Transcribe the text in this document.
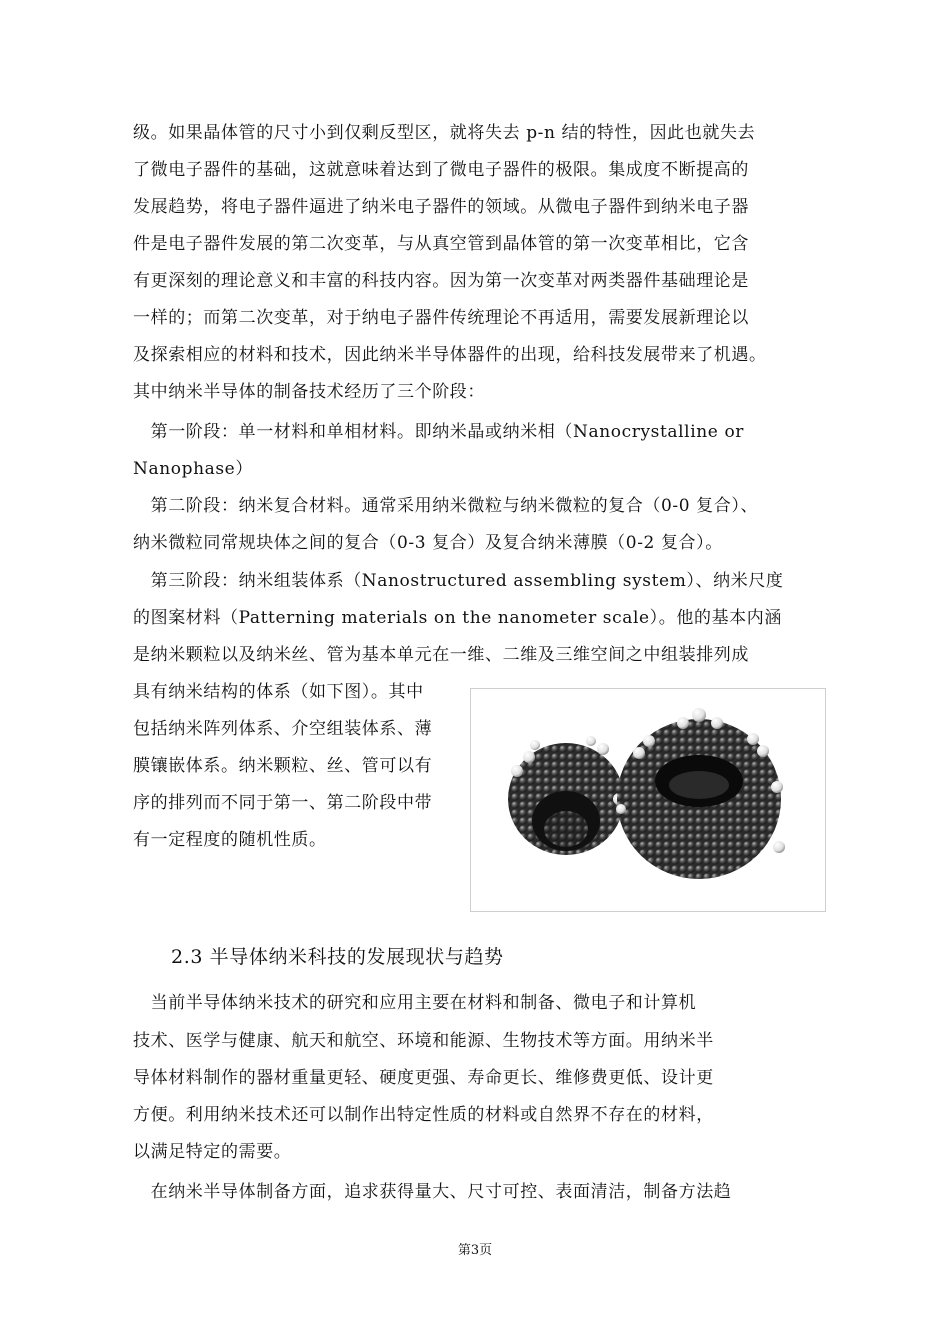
级。如果晶体管的尺寸小到仅剩反型区，就将失去 p-n 结的特性，因此也就失去
了微电子器件的基础，这就意味着达到了微电子器件的极限。集成度不断提高的
发展趋势，将电子器件逼进了纳米电子器件的领域。从微电子器件到纳米电子器
件是电子器件发展的第二次变革，与从真空管到晶体管的第一次变革相比，它含
有更深刻的理论意义和丰富的科技内容。因为第一次变革对两类器件基础理论是
一样的；而第二次变革，对于纳电子器件传统理论不再适用，需要发展新理论以
及探索相应的材料和技术，因此纳米半导体器件的出现，给科技发展带来了机遇。
其中纳米半导体的制备技术经历了三个阶段：
　第一阶段：单一材料和单相材料。即纳米晶或纳米相（Nanocrystalline or
Nanophase）
　第二阶段：纳米复合材料。通常采用纳米微粒与纳米微粒的复合（0-0 复合）、
纳米微粒同常规块体之间的复合（0-3 复合）及复合纳米薄膜（0-2 复合）。
　第三阶段：纳米组装体系（Nanostructured assembling system）、纳米尺度
的图案材料（Patterning materials on the nanometer scale）。他的基本内涵
是纳米颗粒以及纳米丝、管为基本单元在一维、二维及三维空间之中组装排列成
具有纳米结构的体系（如下图）。其中
包括纳米阵列体系、介空组装体系、薄
膜镶嵌体系。纳米颗粒、丝、管可以有
序的排列而不同于第一、第二阶段中带
有一定程度的随机性质。
2.3 半导体纳米科技的发展现状与趋势
　当前半导体纳米技术的研究和应用主要在材料和制备、微电子和计算机
技术、医学与健康、航天和航空、环境和能源、生物技术等方面。用纳米半
导体材料制作的器材重量更轻、硬度更强、寿命更长、维修费更低、设计更
方便。利用纳米技术还可以制作出特定性质的材料或自然界不存在的材料，
以满足特定的需要。
　在纳米半导体制备方面，追求获得量大、尺寸可控、表面清洁，制备方法趋
第3页
